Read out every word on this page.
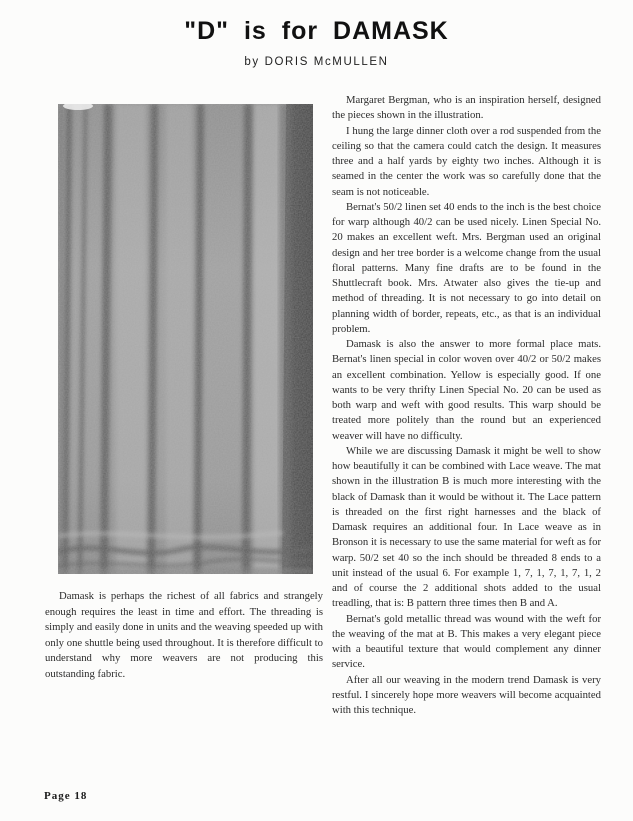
"D" is for DAMASK
by DORIS McMULLEN

Damask is perhaps the richest of all fabrics and strangely enough requires the least in time and effort. The threading is simply and easily done in units and the weaving speeded up with only one shuttle being used throughout. It is therefore difficult to understand why more weavers are not producing this outstanding fabric.

Margaret Bergman, who is an inspiration herself, designed the pieces shown in the illustration.

I hung the large dinner cloth over a rod suspended from the ceiling so that the camera could catch the design. It measures three and a half yards by eighty two inches. Although it is seamed in the center the work was so carefully done that the seam is not noticeable.

Bernat's 50/2 linen set 40 ends to the inch is the best choice for warp although 40/2 can be used nicely. Linen Special No. 20 makes an excellent weft. Mrs. Bergman used an original design and her tree border is a welcome change from the usual floral patterns. Many fine drafts are to be found in the Shuttlecraft book. Mrs. Atwater also gives the tie-up and method of threading. It is not necessary to go into detail on planning width of border, repeats, etc., as that is an individual problem.

Damask is also the answer to more formal place mats. Bernat's linen special in color woven over 40/2 or 50/2 makes an excellent combination. Yellow is especially good. If one wants to be very thrifty Linen Special No. 20 can be used as both warp and weft with good results. This warp should be treated more politely than the round but an experienced weaver will have no difficulty.

While we are discussing Damask it might be well to show how beautifully it can be combined with Lace weave. The mat shown in the illustration B is much more interesting with the black of Damask than it would be without it. The Lace pattern is threaded on the first right harnesses and the black of Damask requires an additional four. In Lace weave as in Bronson it is necessary to use the same material for weft as for warp. 50/2 set 40 so the inch should be threaded 8 ends to a unit instead of the usual 6. For example 1, 7, 1, 7, 1, 7, 1, 2 and of course the 2 additional shots added to the usual treadling, that is: B pattern three times then B and A.

Bernat's gold metallic thread was wound with the weft for the weaving of the mat at B. This makes a very elegant piece with a beautiful texture that would complement any dinner service.

After all our weaving in the modern trend Damask is very restful. I sincerely hope more weavers will become acquainted with this technique.

Page 18
